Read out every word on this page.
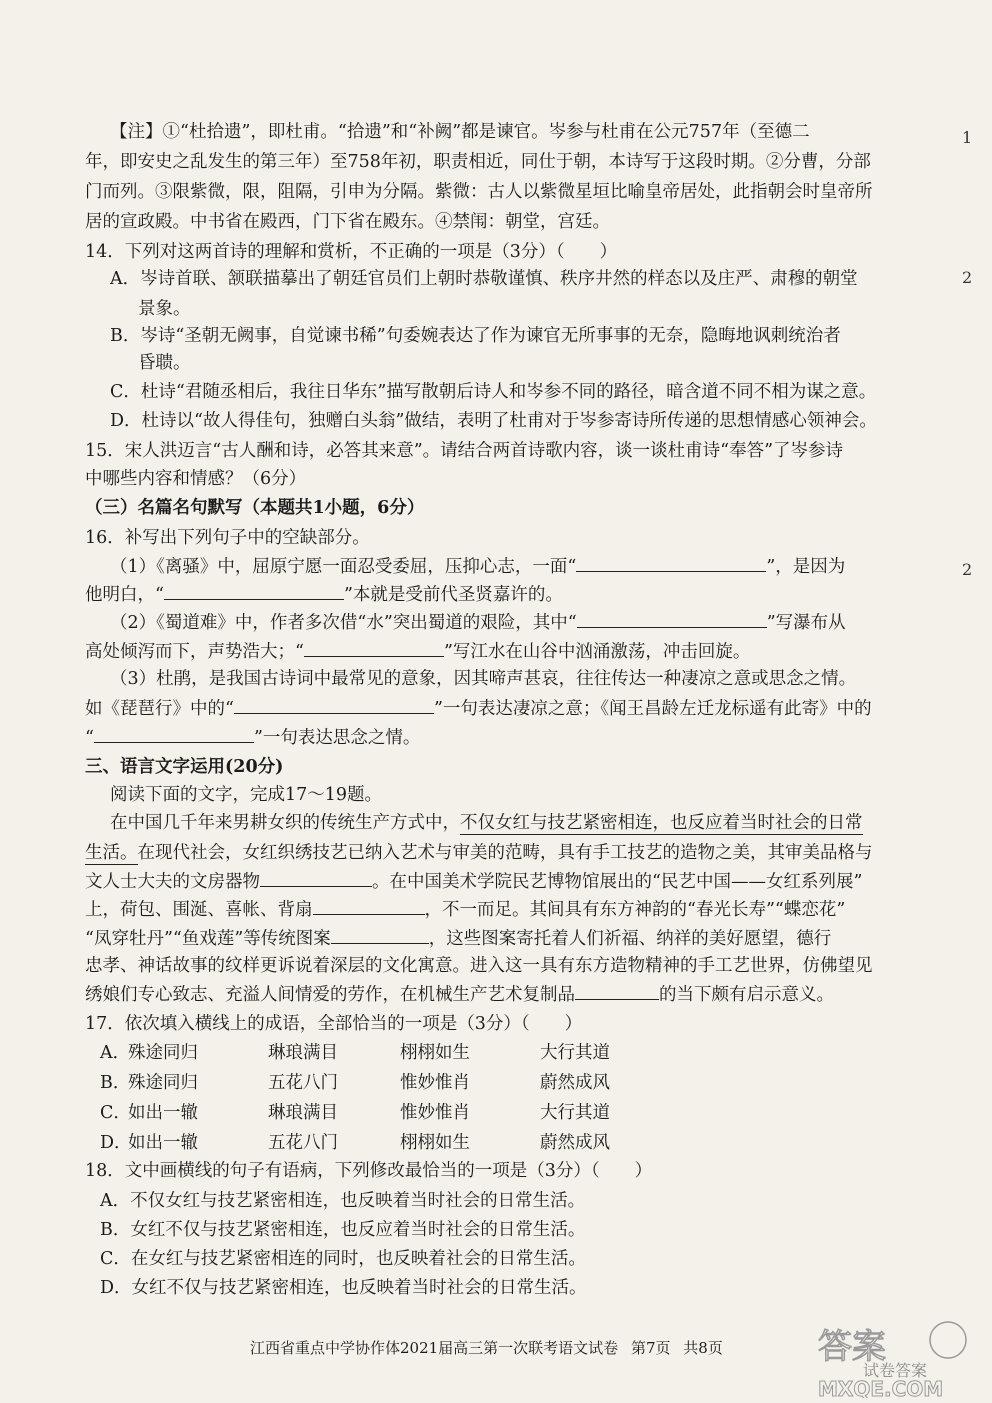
【注】①“杜拾遗”，即杜甫。“拾遗”和“补阙”都是谏官。岑参与杜甫在公元757年（至德二
年，即安史之乱发生的第三年）至758年初，职责相近，同仕于朝，本诗写于这段时期。②分曹，分部
门而列。③限紫微，限，阻隔，引申为分隔。紫微：古人以紫微星垣比喻皇帝居处，此指朝会时皇帝所
居的宣政殿。中书省在殿西，门下省在殿东。④禁闱：朝堂，宫廷。
14．下列对这两首诗的理解和赏析，不正确的一项是（3分）（　　）
A．岑诗首联、颔联描摹出了朝廷官员们上朝时恭敬谨慎、秩序井然的样态以及庄严、肃穆的朝堂
景象。
B．岑诗“圣朝无阙事，自觉谏书稀”句委婉表达了作为谏官无所事事的无奈，隐晦地讽刺统治者
昏聩。
C．杜诗“君随丞相后，我往日华东”描写散朝后诗人和岑参不同的路径，暗含道不同不相为谋之意。
D．杜诗以“故人得佳句，独赠白头翁”做结，表明了杜甫对于岑参寄诗所传递的思想情感心领神会。
15．宋人洪迈言“古人酬和诗，必答其来意”。请结合两首诗歌内容，谈一谈杜甫诗“奉答”了岑参诗
中哪些内容和情感？（6分）
（三）名篇名句默写（本题共1小题，6分）
16．补写出下列句子中的空缺部分。
（1）《离骚》中，屈原宁愿一面忍受委屈，压抑心志，一面“	”，是因为
他明白，“	”本就是受前代圣贤嘉许的。
（2）《蜀道难》中，作者多次借“水”突出蜀道的艰险，其中“	”写瀑布从
高处倾泻而下，声势浩大；“	”写江水在山谷中汹涌激荡，冲击回旋。
（3）杜鹃，是我国古诗词中最常见的意象，因其啼声甚哀，往往传达一种凄凉之意或思念之情。
如《琵琶行》中的“	”一句表达凄凉之意；《闻王昌龄左迁龙标遥有此寄》中的
“	”一句表达思念之情。
三、语言文字运用(20分)
阅读下面的文字，完成17～19题。
在中国几千年来男耕女织的传统生产方式中，不仅女红与技艺紧密相连，也反应着当时社会的日常
生活。在现代社会，女红织绣技艺已纳入艺术与审美的范畴，具有手工技艺的造物之美，其审美品格与
文人士大夫的文房器物	。在中国美术学院民艺博物馆展出的“民艺中国——女红系列展”
上，荷包、围涎、喜帐、背扇	，不一而足。其间具有东方神韵的“春光长寿”“蝶恋花”
“凤穿牡丹”“鱼戏莲”等传统图案	，这些图案寄托着人们祈福、纳祥的美好愿望，德行
忠孝、神话故事的纹样更诉说着深层的文化寓意。进入这一具有东方造物精神的手工艺世界，仿佛望见
绣娘们专心致志、充溢人间情爱的劳作，在机械生产艺术复制品	的当下颇有启示意义。
17．依次填入横线上的成语，全部恰当的一项是（3分）（　　）
A．
殊途同归	琳琅满目	栩栩如生	大行其道
B．
殊途同归	五花八门	惟妙惟肖	蔚然成风
C．
如出一辙	琳琅满目	惟妙惟肖	大行其道
D．
如出一辙	五花八门	栩栩如生	蔚然成风
18．文中画横线的句子有语病，下列修改最恰当的一项是（3分）（　　）
A．不仅女红与技艺紧密相连，也反映着当时社会的日常生活。
B．女红不仅与技艺紧密相连，也反应着当时社会的日常生活。
C．在女红与技艺紧密相连的同时，也反映着社会的日常生活。
D．女红不仅与技艺紧密相连，也反映着当时社会的日常生活。
江西省重点中学协作体2021届高三第一次联考语文试卷 第7页 共8页
1
2
2
答案
试卷答案
MXQE.COM
